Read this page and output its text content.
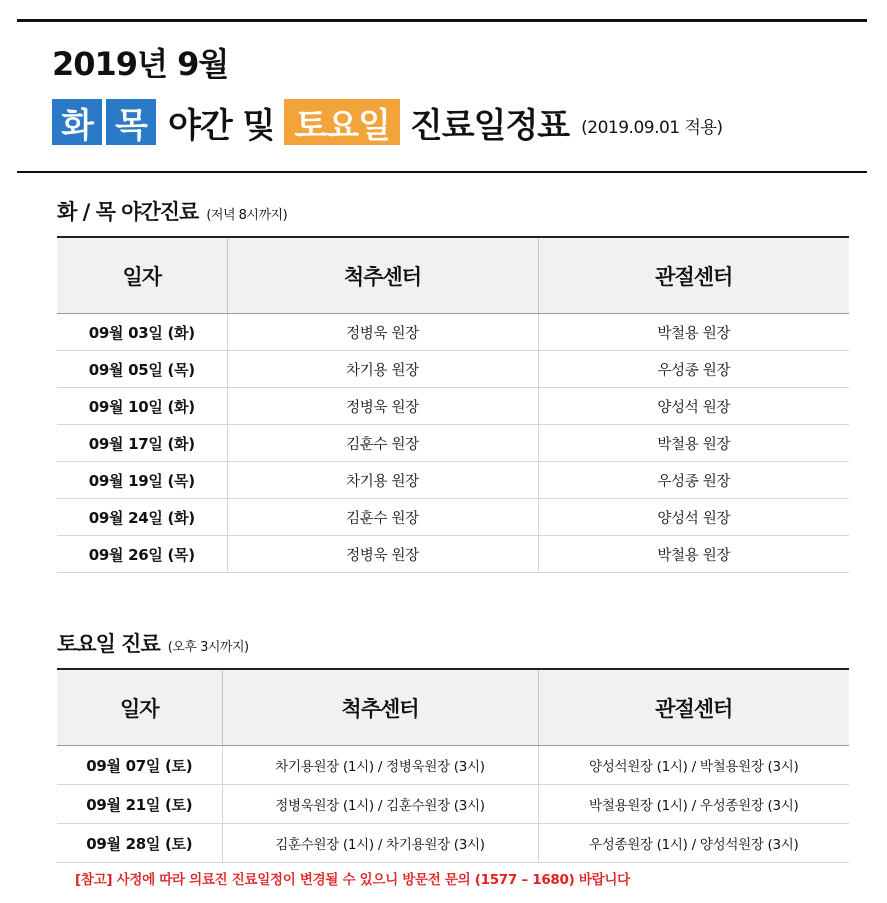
2019년 9월
화 목 야간 및 토요일 진료일정표 (2019.09.01 적용)
화 / 목 야간진료 (저녁 8시까지)
일자	척추센터	관절센터
09월 03일 (화)	정병욱 원장	박철용 원장
09월 05일 (목)	차기용 원장	우성종 원장
09월 10일 (화)	정병욱 원장	양성석 원장
09월 17일 (화)	김훈수 원장	박철용 원장
09월 19일 (목)	차기용 원장	우성종 원장
09월 24일 (화)	김훈수 원장	양성석 원장
09월 26일 (목)	정병욱 원장	박철용 원장
토요일 진료 (오후 3시까지)
일자	척추센터	관절센터
09월 07일 (토)	차기용원장 (1시) / 정병욱원장 (3시)	양성석원장 (1시) / 박철용원장 (3시)
09월 21일 (토)	정병욱원장 (1시) / 김훈수원장 (3시)	박철용원장 (1시) / 우성종원장 (3시)
09월 28일 (토)	김훈수원장 (1시) / 차기용원장 (3시)	우성종원장 (1시) / 양성석원장 (3시)
[참고] 사정에 따라 의료진 진료일정이 변경될 수 있으니 방문전 문의 (1577 – 1680) 바랍니다
